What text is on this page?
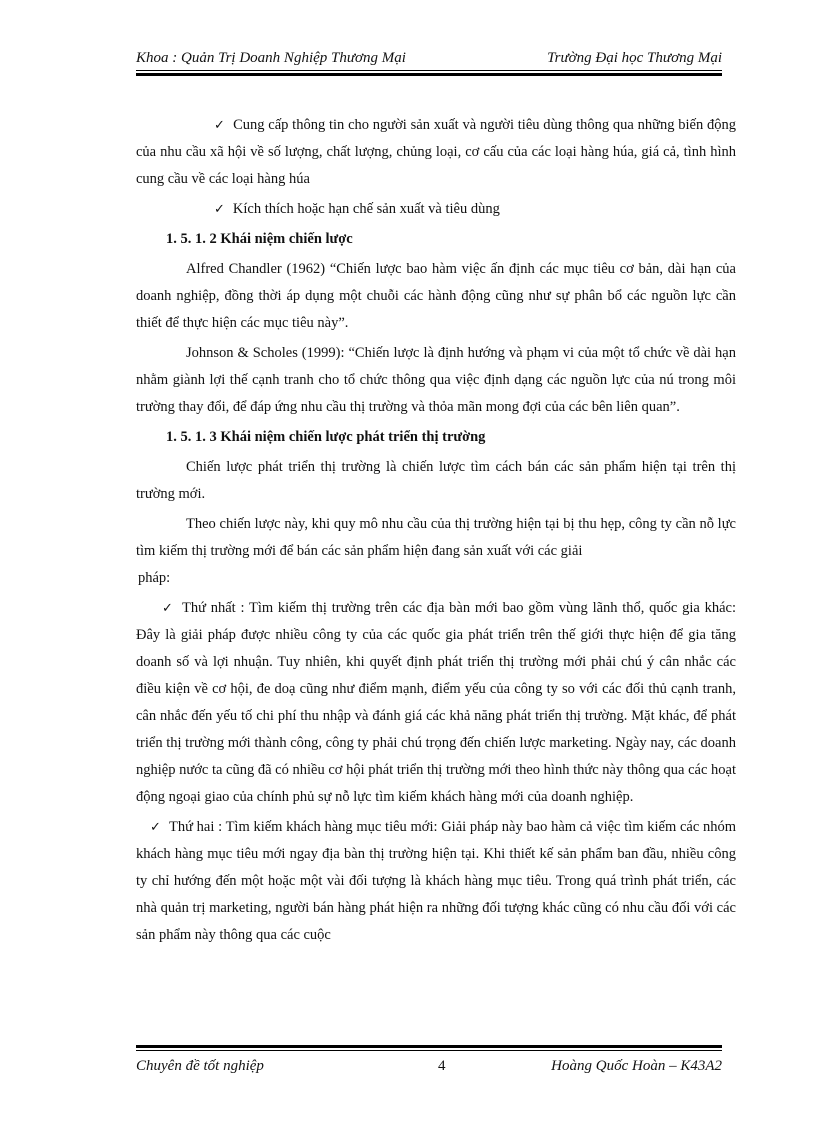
Khoa : Quản Trị Doanh Nghiệp Thương Mại	Trường Đại học Thương Mại

✓ Cung cấp thông tin cho người sản xuất và người tiêu dùng thông qua những biến động của nhu cầu xã hội về số lượng, chất lượng, chủng loại, cơ cấu của các loại hàng húa, giá cả, tình hình cung cầu về các loại hàng húa

✓ Kích thích hoặc hạn chế sản xuất và tiêu dùng

1. 5. 1. 2 Khái niệm chiến lược

Alfred Chandler (1962) “Chiến lược bao hàm việc ấn định các mục tiêu cơ bản, dài hạn của doanh nghiệp, đồng thời áp dụng một chuỗi các hành động cũng như sự phân bổ các nguồn lực cần thiết để thực hiện các mục tiêu này”.

Johnson & Scholes (1999): “Chiến lược là định hướng và phạm vi của một tổ chức về dài hạn nhằm giành lợi thế cạnh tranh cho tổ chức thông qua việc định dạng các nguồn lực của nú trong môi trường thay đổi, để đáp ứng nhu cầu thị trường và thỏa mãn mong đợi của các bên liên quan”.

1. 5. 1. 3 Khái niệm chiến lược phát triển thị trường

Chiến lược phát triển thị trường là chiến lược tìm cách bán các sản phẩm hiện tại trên thị trường mới.

Theo chiến lược này, khi quy mô nhu cầu của thị trường hiện tại bị thu hẹp, công ty cần nỗ lực tìm kiếm thị trường mới để bán các sản phẩm hiện đang sản xuất với các giải

pháp:

✓ Thứ nhất : Tìm kiếm thị trường trên các địa bàn mới bao gồm vùng lãnh thổ, quốc gia khác: Đây là giải pháp được nhiều công ty của các quốc gia phát triển trên thế giới thực hiện để gia tăng doanh số và lợi nhuận. Tuy nhiên, khi quyết định phát triển thị trường mới phải chú ý cân nhắc các điều kiện về cơ hội, đe doạ cũng như điểm mạnh, điểm yếu của công ty so với các đối thủ cạnh tranh, cân nhắc đến yếu tố chi phí thu nhập và đánh giá các khả năng phát triển thị trường. Mặt khác, để phát triển thị trường mới thành công, công ty phải chú trọng đến chiến lược marketing. Ngày nay, các doanh nghiệp nước ta cũng đã có nhiều cơ hội phát triển thị trường mới theo hình thức này thông qua các hoạt động ngoại giao của chính phủ sự nỗ lực tìm kiếm khách hàng mới của doanh nghiệp.

✓ Thứ hai : Tìm kiếm khách hàng mục tiêu mới: Giải pháp này bao hàm cả việc tìm kiếm các nhóm khách hàng mục tiêu mới ngay địa bàn thị trường hiện tại. Khi thiết kế sản phẩm ban đầu, nhiều công ty chỉ hướng đến một hoặc một vài đối tượng là khách hàng mục tiêu. Trong quá trình phát triển, các nhà quản trị marketing, người bán hàng phát hiện ra những đối tượng khác cũng có nhu cầu đối với các sản phẩm này thông qua các cuộc

Chuyên đề tốt nghiệp	4	Hoàng Quốc Hoàn – K43A2
